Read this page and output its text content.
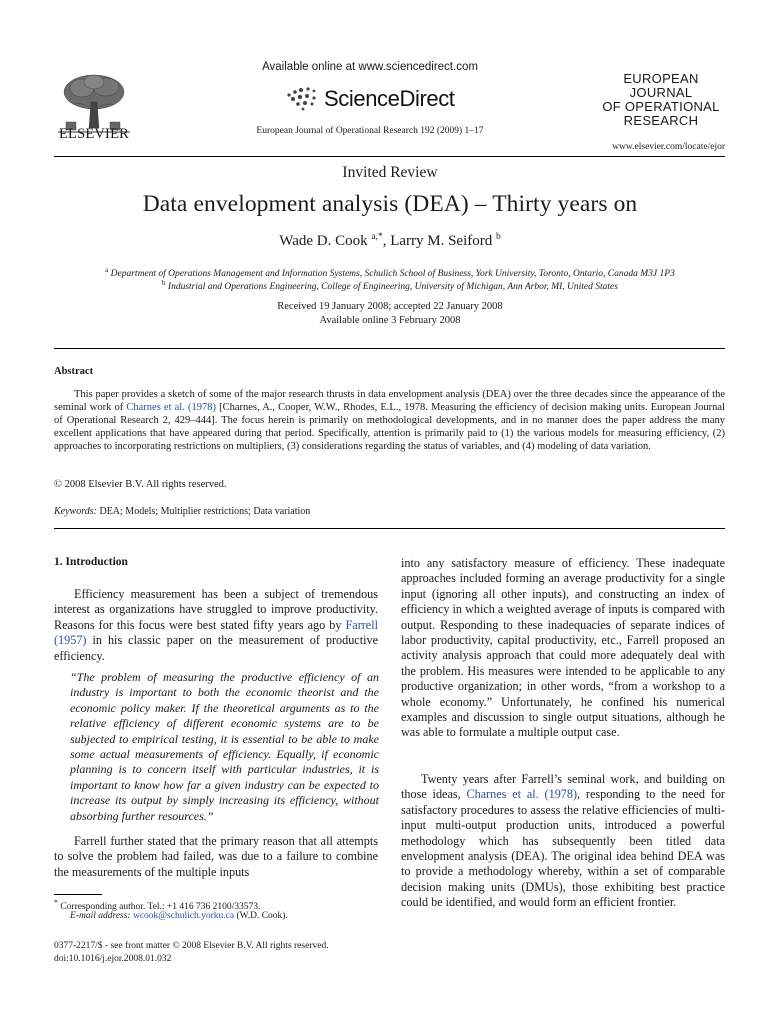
ELSEVIER
Available online at www.sciencedirect.com
ScienceDirect
European Journal of Operational Research 192 (2009) 1–17
EUROPEAN
JOURNAL
OF OPERATIONAL
RESEARCH
www.elsevier.com/locate/ejor
Invited Review
Data envelopment analysis (DEA) – Thirty years on
Wade D. Cook $^{a,*}$, Larry M. Seiford $^b$
$^a$ Department of Operations Management and Information Systems, Schulich School of Business, York University, Toronto, Ontario, Canada M3J 1P3
$^b$ Industrial and Operations Engineering, College of Engineering, University of Michigan, Ann Arbor, MI, United States
Received 19 January 2008; accepted 22 January 2008
Available online 3 February 2008
Abstract

This paper provides a sketch of some of the major research thrusts in data envelopment analysis (DEA) over the three decades since the appearance of the seminal work of Charnes et al. (1978) [Charnes, A., Cooper, W.W., Rhodes, E.L., 1978. Measuring the efficiency of decision making units. European Journal of Operational Research 2, 429–444]. The focus herein is primarily on methodological developments, and in no manner does the paper address the many excellent applications that have appeared during that period. Specifically, attention is primarily paid to (1) the various models for measuring efficiency, (2) approaches to incorporating restrictions on multipliers, (3) considerations regarding the status of variables, and (4) modeling of data variation.

© 2008 Elsevier B.V. All rights reserved.
Keywords: DEA; Models; Multiplier restrictions; Data variation
1. Introduction

Efficiency measurement has been a subject of tremendous interest as organizations have struggled to improve productivity. Reasons for this focus were best stated fifty years ago by Farrell (1957) in his classic paper on the measurement of productive efficiency.

“The problem of measuring the productive efficiency of an industry is important to both the economic theorist and the economic policy maker. If the theoretical arguments as to the relative efficiency of different economic systems are to be subjected to empirical testing, it is essential to be able to make some actual measurements of efficiency. Equally, if economic planning is to concern itself with particular industries, it is important to know how far a given industry can be expected to increase its output by simply increasing its efficiency, without absorbing further resources.”

Farrell further stated that the primary reason that all attempts to solve the problem had failed, was due to a failure to combine the measurements of the multiple inputs

* Corresponding author. Tel.: +1 416 736 2100/33573.
E-mail address: wcook@schulich.yorku.ca (W.D. Cook).
0377-2217/$ - see front matter © 2008 Elsevier B.V. All rights reserved.
doi:10.1016/j.ejor.2008.01.032

into any satisfactory measure of efficiency. These inadequate approaches included forming an average productivity for a single input (ignoring all other inputs), and constructing an index of efficiency in which a weighted average of inputs is compared with output. Responding to these inadequacies of separate indices of labor productivity, capital productivity, etc., Farrell proposed an activity analysis approach that could more adequately deal with the problem. His measures were intended to be applicable to any productive organization; in other words, “from a workshop to a whole economy.” Unfortunately, he confined his numerical examples and discussion to single output situations, although he was able to formulate a multiple output case.

Twenty years after Farrell’s seminal work, and building on those ideas, Charnes et al. (1978), responding to the need for satisfactory procedures to assess the relative efficiencies of multi-input multi-output production units, introduced a powerful methodology which has subsequently been titled data envelopment analysis (DEA). The original idea behind DEA was to provide a methodology whereby, within a set of comparable decision making units (DMUs), those exhibiting best practice could be identified, and would form an efficient frontier.
